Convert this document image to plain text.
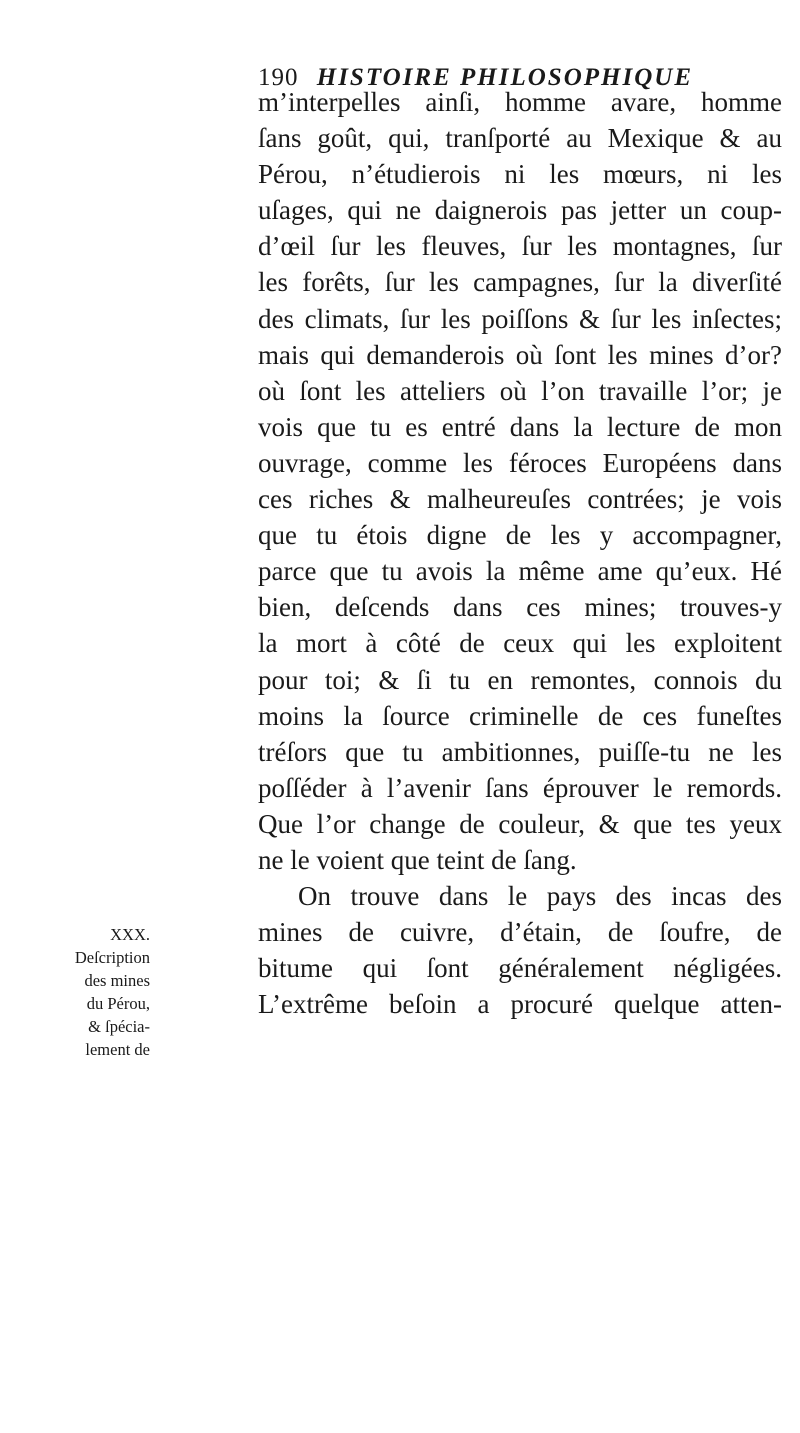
190 HISTOIRE PHILOSOPHIQUE
m’interpelles ainſi, homme avare, homme
ſans goût, qui, tranſporté au Mexique & au
Pérou, n’étudierois ni les mœurs, ni les
uſages, qui ne daignerois pas jetter un coup-
d’œil ſur les fleuves, ſur les montagnes, ſur
les forêts, ſur les campagnes, ſur la diverſité
des climats, ſur les poiſſons & ſur les inſectes;
mais qui demanderois où ſont les mines d’or?
où ſont les atteliers où l’on travaille l’or; je
vois que tu es entré dans la lecture de mon
ouvrage, comme les féroces Européens dans
ces riches & malheureuſes contrées; je vois
que tu étois digne de les y accompagner,
parce que tu avois la même ame qu’eux. Hé
bien, deſcends dans ces mines; trouves-y
la mort à côté de ceux qui les exploitent
pour toi; & ſi tu en remontes, connois du
moins la ſource criminelle de ces funeſtes
tréſors que tu ambitionnes, puiſſe-tu ne les
poſſéder à l’avenir ſans éprouver le remords.
Que l’or change de couleur, & que tes yeux
ne le voient que teint de ſang.
On trouve dans le pays des incas des
mines de cuivre, d’étain, de ſoufre, de
bitume qui ſont généralement négligées.
L’extrême beſoin a procuré quelque atten-
XXX.
Deſcription
des mines
du Pérou,
& ſpécia-
lement de
